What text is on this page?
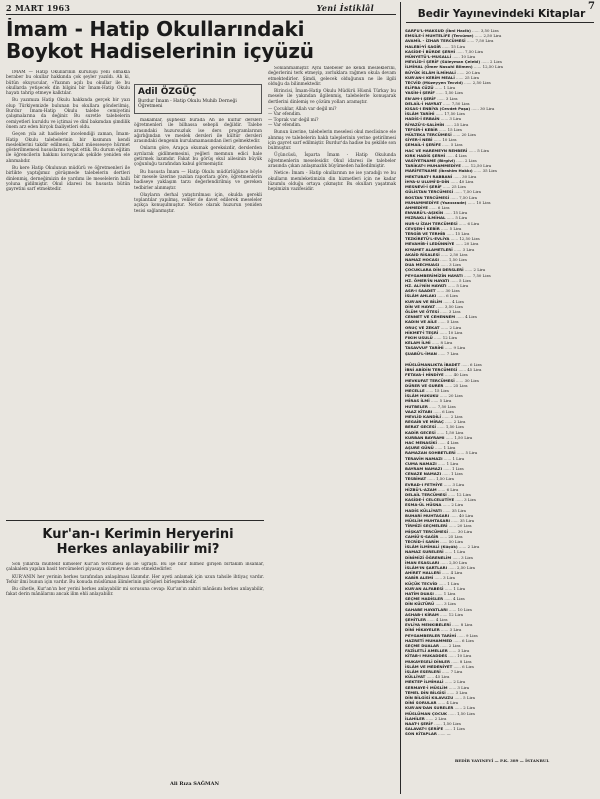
2 MART 1963	Yeni İstiklâl	7
İmam - Hatip Okullarındaki
Boykot Hadiselerinin içyüzü
Adil ÖZGÜÇ
Burdur İmam - Hatip Okulu Muhib Derneği Öğretmeni

İMAM — Hatip Okullarının kuruluşu yeni olmakla beraber bu okullar hakkında çok şeyler yazıldı. Ah ki, bütün okuyucular, «Yazının açılı bu okullar ile bu okullarda yetişecek din bilgini bir İmam-Hatip Okulu hayatı tahrip etmeye kalktılar.

Bu yazımıza Hatip Okulu hakkında gerçek bir yazı olup Türkiyemizde bulunan bu okullara gönderilmiş, Burdur İmam-Hatip Okulu talebe cemiyetini çalışmalarına da değinir. Bu suretle talebelerin cemiyetleri kuruldu ve içtimai ve dinî bakımdan şimdilik önem arz eden birçok faaliyetleri oldu.

Geçen yıla ait hadiseler incelendiği zaman, İmam-Hatip Okulu talebelerinin bir kısmının kendi mesleklerini takdir edilmesi, fakat müesseseye hürmet gösterilmemesi hususlarını tespit ettik. Bu durum eğitim ile öğrencilerin hakkını koruyacak şekilde yeniden ele alınmalıdır.

Bu kere Hatip Okulunun müdürü ve öğretmenleri ile birlikte yaptığımız görüşmede talebelerin dertleri dinlenmiş, derneğimizin de yardımı ile meselelerin halli yoluna gidilmiştir. Okul idaresi bu hususta bütün gayretini sarf etmektedir.

makamlar, şüphesiz burada Ah ile kültür dersleri öğretmenleri ile bilhassa sebepli değildir. Talebe arasındaki huzursuzluk ise ders programlarının ağırlığından ve meslek dersleri ile kültür dersleri arasındaki dengenin kurulamamasından ileri gelmektedir.

Onların göre, Arapça okumak gereksizdir, derslerden ayrılarak gidilmemesini, yeğleri memnun edici hale getirmek lazımdır. Fakat bu görüş okul ailesinin büyük çoğunluğu tarafından kabul görmemiştir.

Bu hususta İmam — Hatip Okulu müdürlüğünce böyle bir mesele üzerine yazılan raporlara göre, öğretmenlerin hadiseye yaklaşım tarzı değerlendirilmiş ve gereken tedbirler alınmıştır.

Olayların derhal yatıştırılması için, okulda gerekli toplantılar yapılmış, veliler de davet edilerek meseleler açıkça konuşulmuştur. Netice olarak huzurun yeniden tesisi sağlanmıştır.

Sonlanmamıştır. Ayni talebeler ile kendi mesleklerini, değerlerini terk etmeyip, zorluklara rağmen okula devam etmektedirler. Şimdi, gelecek olduğunun ne ile ilgili olduğu da bilinmektedir.

Birincisi, İmam-Hatip Okulu Müdürü Hüsnü Türkay bu mesele ile yakından ilgilenmiş, talebelerle konuşarak dertlerini dinlemiş ve çözüm yolları aramıştır.

— Çocuklar, Allah var değil mi?
— Var efendim.
— Toprak var değil mi?
— Var efendim.

Bunun üzerine, talebelerin meselesi okul meclisince ele alınmış ve talebelerin haklı taleplerinin yerine getirilmesi için gayret sarf edilmiştir. Burdur'da hadise bu şekilde son bulmuştur.

Üçüncüsü, İsparta İmam - Hatip Okulunda öğretmenlerin meselesidir. Okul idaresi ile talebeler arasında çıkan anlaşmazlık büyümeden halledilmiştir.

Netice: İmam - Hatip okullarının ne ise yaradığı ve bu okulların memleketimizin din hizmetleri için ne kadar lüzumlu olduğu ortaya çıkmıştır. Bu okulları yaşatmak hepimizin vazifesidir.

Kur'an-ı Kerimin Heryerini
Herkes anlayabilir mi?

Son yıllarda muhtelif kimseler Kur'an tercümesi işi ile uğraştı. Bu işe bilir bilmez girişen birtakım insanlar, çalakalem yapılan basit tercümeleri piyasaya sürmeye devam etmektedirler.

KUR'ANIN her yerinin herkes tarafından anlaşılması lâzımdır. Her ayeti anlamak için uzun tahsile ihtiyaç vardır. Tefsir ilmi bunun için vardır. Bu konuda müslüman âlimlerinin görüşleri birleşmektedir.

Bu cihetle, Kur'an'ın her yerini herkes anlayabilir mi sorusuna cevap: Kur'an'ın zahiri mânâsını herkes anlayabilir, fakat derin mânâlarını ancak ilim ehli anlayabilir.

Ali Rıza SAĞMAN
Bedir Yayınevindeki Kitaplar
SARFU'L-MAKSUD (İbni Hacib) ...... 3,50 Lira
EMSİLE-İ MUHTELİFE (Tercüme) ...... 2,50 Lira
AVAMİL - İZHAR TERCÜMESİ ...... 7,50 Lira
HALEBİ-Yİ SAGİR ...... 15 Lira
KASİDE-İ BÜRDE ŞERHİ ...... 7,50 Lira
MÜNYETÜ'L-MUSALLİ ...... 10 Lira
MEVLİD-İ ŞERİF (Süleyman Çelebi) ...... 2 Lira
İLMİHAL (Ömer Nasuhi Bilmen) ...... 12,50 Lira
BÜYÜK İSLÂM İLMİHALİ ...... 20 Lira
KUR'AN-I KERİM MEALİ ...... 25 Lira
TECVİD (Müzeyyen Tecvid) ...... 2,50 Lira
ELİFBA CÜZÜ ...... 1 Lira
YASİN-İ ŞERİF ...... 1,50 Lira
EN'AM-I ŞERİF ...... 3 Lira
DELAİL-İ HAYRAT ...... 7,50 Lira
KISAS-I ENBİYA (Cevdet Paşa) ...... 30 Lira
İSLÂM TARİHİ ...... 17,50 Lira
HADİS-İ ERBAİN ...... 3 Lira
RİYAZÜ'S-SALİHİN ...... 25 Lira
TEFSİR-İ KEBİR ...... 15 Lira
MÜLTEKA TERCÜMESİ ...... 20 Lira
SİYER-İ NEBİ ...... 10 Lira
ŞEMAİL-İ ŞERİFE ...... 5 Lira
HAC VE HAREMEYN REHBERİ ...... 5 Lira
KIRK HADİS ŞERHİ ...... 4 Lira
VASİYETNAME (Birgivi) ...... 2 Lira
TARİKAT-I MUHAMMEDİYE ...... 12,50 Lira
MARİFETNAME (İbrahim Hakkı) ...... 35 Lira
MEKTUBAT-I RABBANİ ...... 30 Lira
İHYA-U ULUMİ'D-DİN ...... 40 Lira
MESNEVİ-İ ŞERİF ...... 25 Lira
GÜLİSTAN TERCÜMESİ ...... 7,50 Lira
BOSTAN TERCÜMESİ ...... 7,50 Lira
MUHAMMEDİYE (Yazıcızade) ...... 10 Lira
AHMEDİYE ...... 6 Lira
ENVARÜ'L-AŞIKİN ...... 15 Lira
MIZRAKLI İLMİHAL ...... 5 Lira
NUR-U İZAH TERCÜMESİ ...... 6 Lira
CEVŞEN-İ KEBİR ...... 5 Lira
TERGİB VE TERHİB ...... 15 Lira
TEZKİRETÜ'L-EVLİYA ...... 12,50 Lira
MEVAHİB-İ LEDÜNNİYE ...... 20 Lira
KIYAMET ALAMETLERİ ...... 3 Lira
AKAİD RİSALESİ ...... 2,50 Lira
NAMAZ HOCASI ...... 1,50 Lira
DUA MECMUASI ...... 3 Lira
ÇOCUKLARA DİN DERSLERİ ...... 2 Lira
PEYGAMBERİMİZİN HAYATI ...... 7,50 Lira
HZ. ÖMER'İN HAYATI ...... 5 Lira
HZ. ALİ'NİN HAYATI ...... 5 Lira
ASR-I SAADET ...... 30 Lira
İSLÂM AHLAKI ...... 6 Lira
KUR'AN VE BİLİM ...... 4 Lira
DİN VE HAYAT ...... 3,50 Lira
ÖLÜM VE ÖTESİ ...... 3 Lira
CENNET VE CEHENNEM ...... 4 Lira
KADIN VE AİLE ...... 5 Lira
ORUÇ VE ZEKAT ...... 2 Lira
HİKMET-İ TEŞRİ ...... 10 Lira
FIKIH USULÜ ...... 12 Lira
KELAM İLMİ ...... 8 Lira
TASAVVUF TARİHİ ...... 9 Lira
ŞUABÜ'L-İMAN ...... 7 Lira
MÜSLÜMANLIKTA İBADET ...... 6 Lira
İBNİ ABİDİN TERCÜMESİ ...... 45 Lira
FETAVA-İ HİNDİYE ...... 40 Lira
MEVKUFAT TERCÜMESİ ...... 30 Lira
DÜRER VE GURER ...... 25 Lira
MECELLE ...... 15 Lira
İSLÂM HUKUKU ...... 20 Lira
MİRAS İLMİ ...... 5 Lira
HUTBELER ...... 7,50 Lira
VAAZ KİTABI ...... 6 Lira
MEVLİD KANDİLİ ...... 2 Lira
REGAİB VE MİRAÇ ...... 2 Lira
BERAT GECESİ ...... 1,50 Lira
KADİR GECESİ ...... 1,50 Lira
KURBAN BAYRAMI ...... 1,50 Lira
HAC MENASİKİ ...... 4 Lira
AŞURE GÜNÜ ...... 1 Lira
RAMAZAN SOHBETLERİ ...... 5 Lira
TERAVİH NAMAZI ...... 1 Lira
CUMA NAMAZI ...... 1 Lira
BAYRAM NAMAZI ...... 1 Lira
CENAZE NAMAZI ...... 1 Lira
TESBİHAT ...... 1,50 Lira
EVRAD-I FETHİYE ...... 3 Lira
HİZBÜ'L-AZAM ...... 6 Lira
DELAİL TERCÜMESİ ...... 12 Lira
KASİDE-İ CELCELUTİYE ...... 3 Lira
ESMA-ÜL HÜSNA ...... 2 Lira
HADİS KÜLLİYATI ...... 35 Lira
BUHARİ MUHTASARI ...... 40 Lira
MÜSLİM MUHTASARI ...... 35 Lira
TİRMİZİ SEÇMELERİ ...... 20 Lira
MİŞKAT TERCÜMESİ ...... 30 Lira
CAMİÜ'S-SAĞİR ...... 25 Lira
TECRİD-İ SARİH ...... 50 Lira
İSLÂM İLMİHALİ (Küçük) ...... 2 Lira
NAMAZ SURELERİ ...... 1 Lira
DİNİMİZİ ÖĞRENELİM ...... 3 Lira
İMAN ESASLARI ...... 2,50 Lira
İSLÂM'IN ŞARTLARI ...... 2,50 Lira
AHİRET HALLERİ ...... 4 Lira
KABİR ALEMİ ...... 3 Lira
KÜÇÜK TECVİD ...... 1 Lira
KUR'AN ALFABESİ ...... 1 Lira
HATİM DUASI ...... 1 Lira
SEÇME HADİSLER ...... 4 Lira
DİN KÜLTÜRÜ ...... 3 Lira
SAHABE HAYATLARI ...... 10 Lira
ASHAB-I KİRAM ...... 12 Lira
ŞEHİTLER ...... 4 Lira
EVLİYA MENKIBELERİ ...... 8 Lira
DİNİ HİKAYELER ...... 3 Lira
PEYGAMBERLER TARİHİ ...... 9 Lira
HAZRETİ MUHAMMED ...... 6 Lira
SEÇME DUALAR ...... 2 Lira
FAZİLETLİ AMELLER ...... 3 Lira
KİTAB-I MUKADDES ...... 10 Lira
MUKAYESELİ DİNLER ...... 8 Lira
İSLÂM VE MEDENİYET ...... 6 Lira
İSLÂM ESERLERİ ...... 7 Lira
KÜLLİYAT ...... 45 Lira
MEKTEP İLMİHALİ ...... 2 Lira
SERMAYE-İ MÜSLİM ...... 3 Lira
TEMEL DİN BİLGİSİ ...... 3 Lira
DİN BİLGİSİ KILAVUZU ...... 5 Lira
DİNİ SORULAR ...... 4 Lira
KUR'AN'DAN SURELER ...... 2 Lira
MÜSLÜMAN ÇOCUK ...... 1,50 Lira
İLAHİLER ...... 2 Lira
NAAT-I ŞERİF ...... 1,50 Lira
SALAVAT-I ŞERİFE ...... 1 Lira
SON KİTAPLAR ...... —
BEDİR YAYINEVİ — P.K. 389 — İSTANBUL
